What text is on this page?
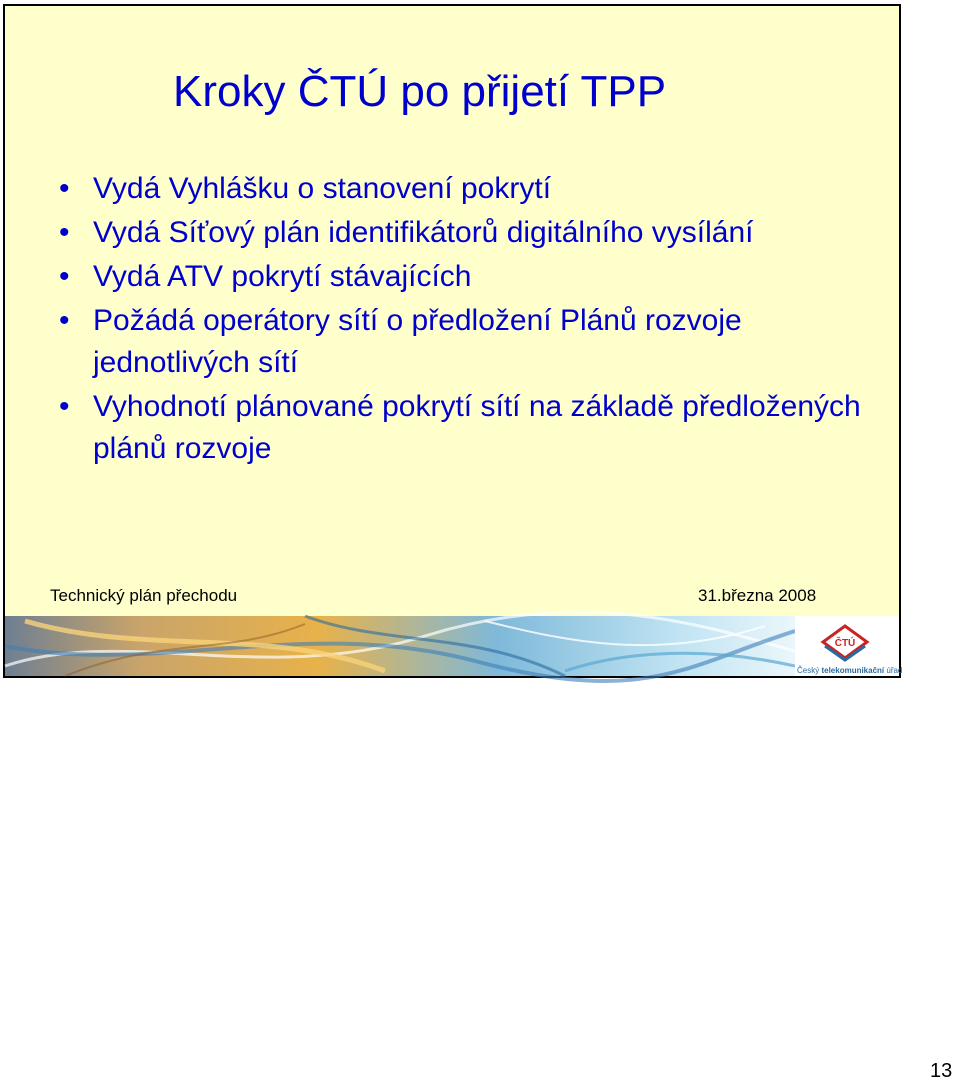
Kroky ČTÚ po přijetí TPP
• Vydá Vyhlášku o stanovení pokrytí
• Vydá Síťový plán identifikátorů digitálního vysílání
• Vydá ATV pokrytí stávajících
• Požádá operátory sítí o předložení Plánů rozvoje jednotlivých sítí
• Vyhodnotí plánované pokrytí sítí na základě předložených plánů rozvoje
Technický plán přechodu	31.března 2008
ČTÚ
Český telekomunikační úřad
13
